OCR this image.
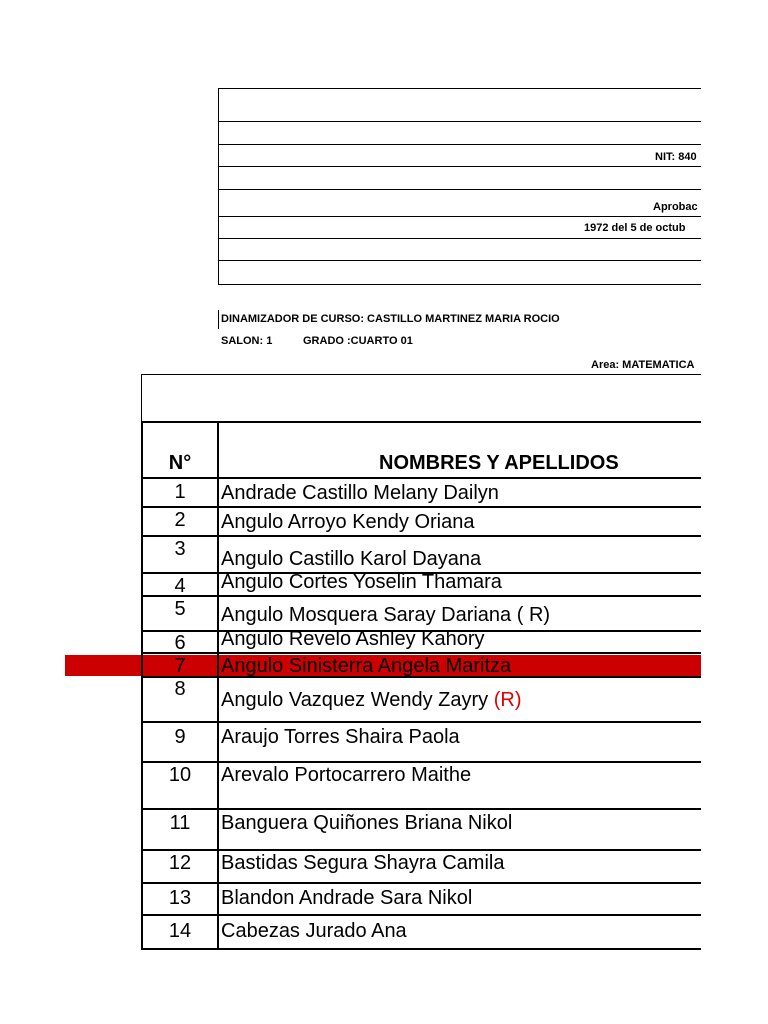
NIT: 840
Aprobac
1972 del 5 de octub
DINAMIZADOR DE CURSO: CASTILLO MARTINEZ MARIA ROCIO
SALON: 1	GRADO :CUARTO 01
Area: MATEMATICA
N°	NOMBRES Y APELLIDOS
1	Andrade Castillo Melany Dailyn
2	Angulo Arroyo Kendy Oriana
3	Angulo Castillo Karol Dayana
4	Angulo Cortes Yoselin Thamara
5	Angulo Mosquera Saray Dariana ( R)
6	Angulo Revelo Ashley Kahory
7	Angulo Sinisterra Angela Maritza
8	Angulo Vazquez Wendy Zayry (R)
9	Araujo Torres Shaira Paola
10	Arevalo Portocarrero Maithe
11	Banguera Quiñones Briana Nikol
12	Bastidas Segura Shayra Camila
13	Blandon Andrade Sara Nikol
14	Cabezas Jurado Ana
